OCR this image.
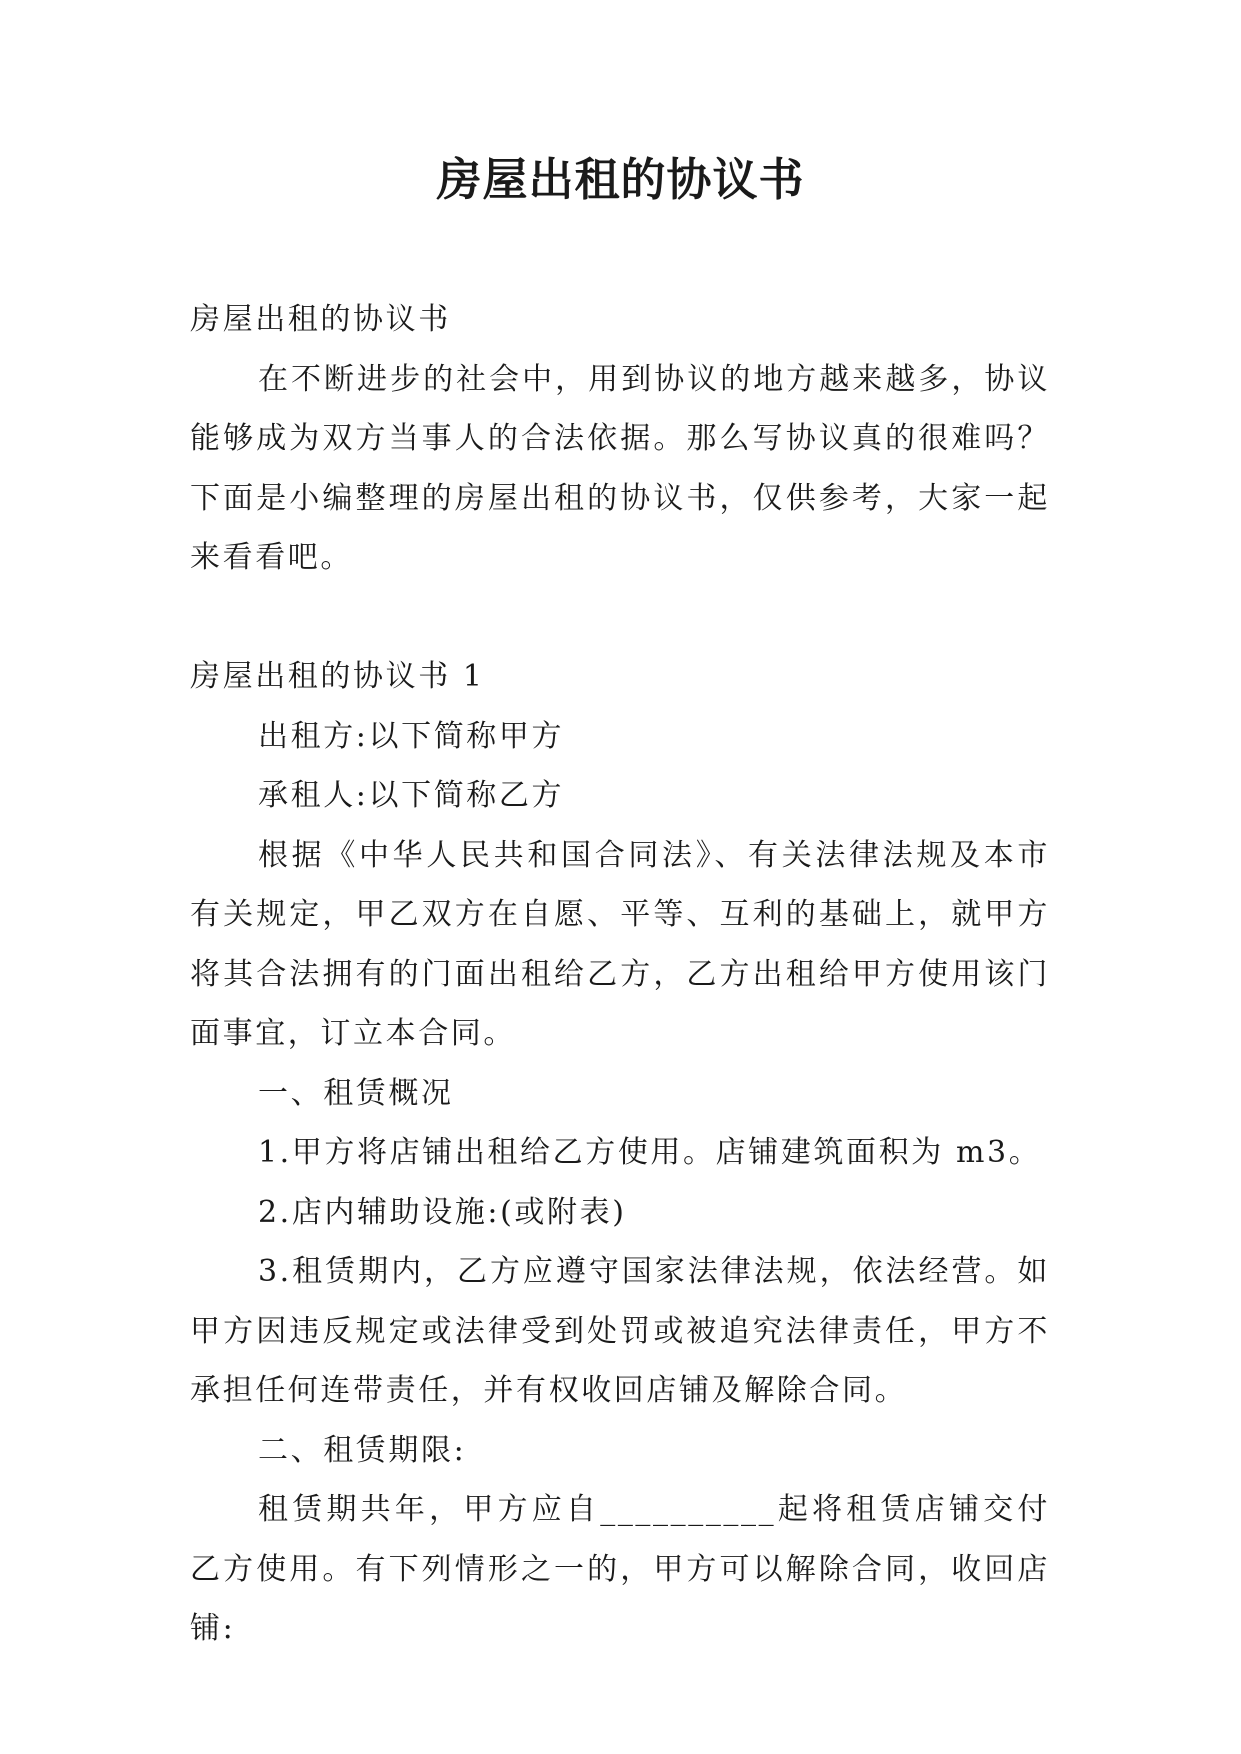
房屋出租的协议书

房屋出租的协议书

在不断进步的社会中，用到协议的地方越来越多，协议能够成为双方当事人的合法依据。那么写协议真的很难吗？下面是小编整理的房屋出租的协议书，仅供参考，大家一起来看看吧。

房屋出租的协议书 1

出租方:以下简称甲方

承租人:以下简称乙方

根据《中华人民共和国合同法》、有关法律法规及本市有关规定，甲乙双方在自愿、平等、互利的基础上，就甲方将其合法拥有的门面出租给乙方，乙方出租给甲方使用该门面事宜，订立本合同。

一、租赁概况

1.甲方将店铺出租给乙方使用。店铺建筑面积为 m3。

2.店内辅助设施:(或附表)

3.租赁期内，乙方应遵守国家法律法规，依法经营。如甲方因违反规定或法律受到处罚或被追究法律责任，甲方不承担任何连带责任，并有权收回店铺及解除合同。

二、租赁期限:

租赁期共年，甲方应自__________起将租赁店铺交付乙方使用。有下列情形之一的，甲方可以解除合同，收回店铺:
